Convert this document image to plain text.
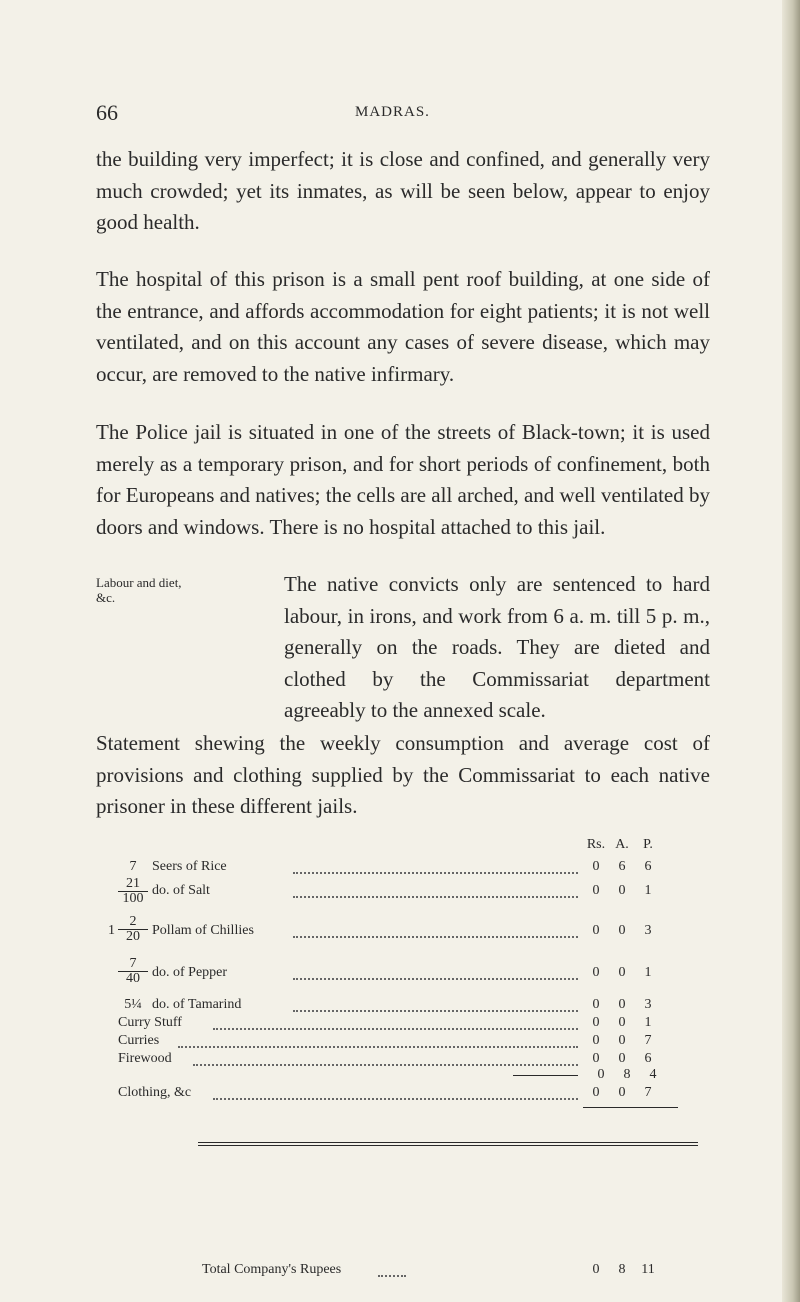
66	MADRAS.

the building very imperfect; it is close and confined, and generally very much crowded; yet its inmates, as will be seen below, appear to enjoy good health.

The hospital of this prison is a small pent roof building, at one side of the entrance, and affords accommodation for eight patients; it is not well ventilated, and on this account any cases of severe disease, which may occur, are removed to the native infirmary.

The Police jail is situated in one of the streets of Black-town; it is used merely as a temporary prison, and for short periods of confinement, both for Europeans and natives; the cells are all arched, and well ventilated by doors and windows. There is no hospital attached to this jail.

Labour and diet, &c.

The native convicts only are sentenced to hard labour, in irons, and work from 6 a. m. till 5 p. m., generally on the roads. They are dieted and clothed by the Commissariat department agreeably to the annexed scale.

Statement shewing the weekly consumption and average cost of provisions and clothing supplied by the Commissariat to each native prisoner in these different jails.

Rs. A. P.
7	Seers of Rice	0 6 6
$\frac{21}{100}$ do. of Salt	0 0 1
$1 \frac{2}{20}$ Pollam of Chillies	0 0 3
$\frac{7}{40}$ do. of Pepper	0 0 1
5¼ do. of Tamarind	0 0 3
Curry Stuff	0 0 1
Curries	0 0 7
Firewood	0 0 6
0 8 4
Clothing, &c	0 0 7
Total Company's Rupees	0 8 11
